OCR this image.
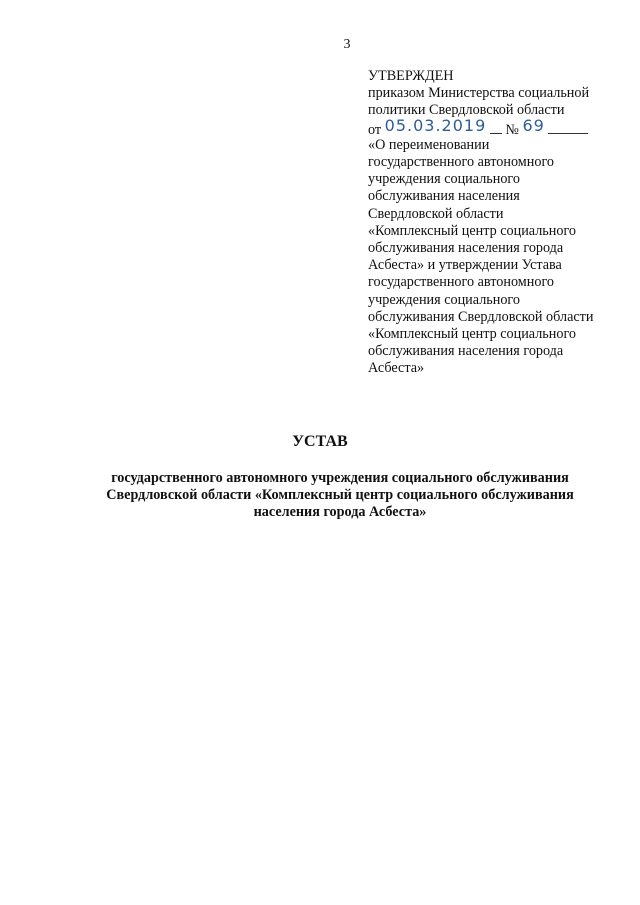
3
УТВЕРЖДЕН
приказом Министерства социальной
политики Свердловской области
от 05.03.2019 № 69
«О переименовании
государственного автономного
учреждения социального
обслуживания населения
Свердловской области
«Комплексный центр социального
обслуживания населения города
Асбеста» и утверждении Устава
государственного автономного
учреждения социального
обслуживания Свердловской области
«Комплексный центр социального
обслуживания населения города
Асбеста»
УСТАВ
государственного автономного учреждения социального обслуживания
Свердловской области «Комплексный центр социального обслуживания
населения города Асбеста»
